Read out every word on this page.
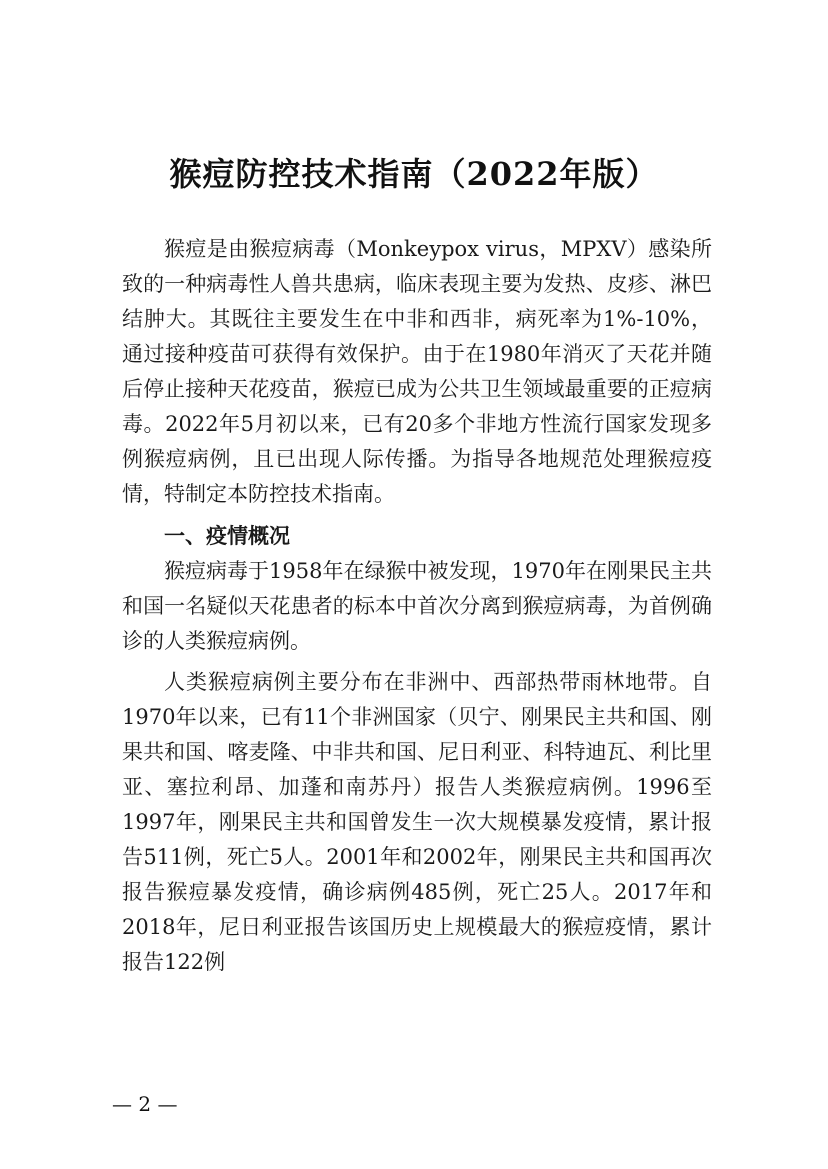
猴痘防控技术指南（2022年版）

猴痘是由猴痘病毒（Monkeypox virus，MPXV）感染所致的一种病毒性人兽共患病，临床表现主要为发热、皮疹、淋巴结肿大。其既往主要发生在中非和西非，病死率为1%-10%，通过接种疫苗可获得有效保护。由于在1980年消灭了天花并随后停止接种天花疫苗，猴痘已成为公共卫生领域最重要的正痘病毒。2022年5月初以来，已有20多个非地方性流行国家发现多例猴痘病例，且已出现人际传播。为指导各地规范处理猴痘疫情，特制定本防控技术指南。

一、疫情概况

猴痘病毒于1958年在绿猴中被发现，1970年在刚果民主共和国一名疑似天花患者的标本中首次分离到猴痘病毒，为首例确诊的人类猴痘病例。

人类猴痘病例主要分布在非洲中、西部热带雨林地带。自1970年以来，已有11个非洲国家（贝宁、刚果民主共和国、刚果共和国、喀麦隆、中非共和国、尼日利亚、科特迪瓦、利比里亚、塞拉利昂、加蓬和南苏丹）报告人类猴痘病例。1996至1997年，刚果民主共和国曾发生一次大规模暴发疫情，累计报告511例，死亡5人。2001年和2002年，刚果民主共和国再次报告猴痘暴发疫情，确诊病例485例，死亡25人。2017年和2018年，尼日利亚报告该国历史上规模最大的猴痘疫情，累计报告122例

— 2 —
